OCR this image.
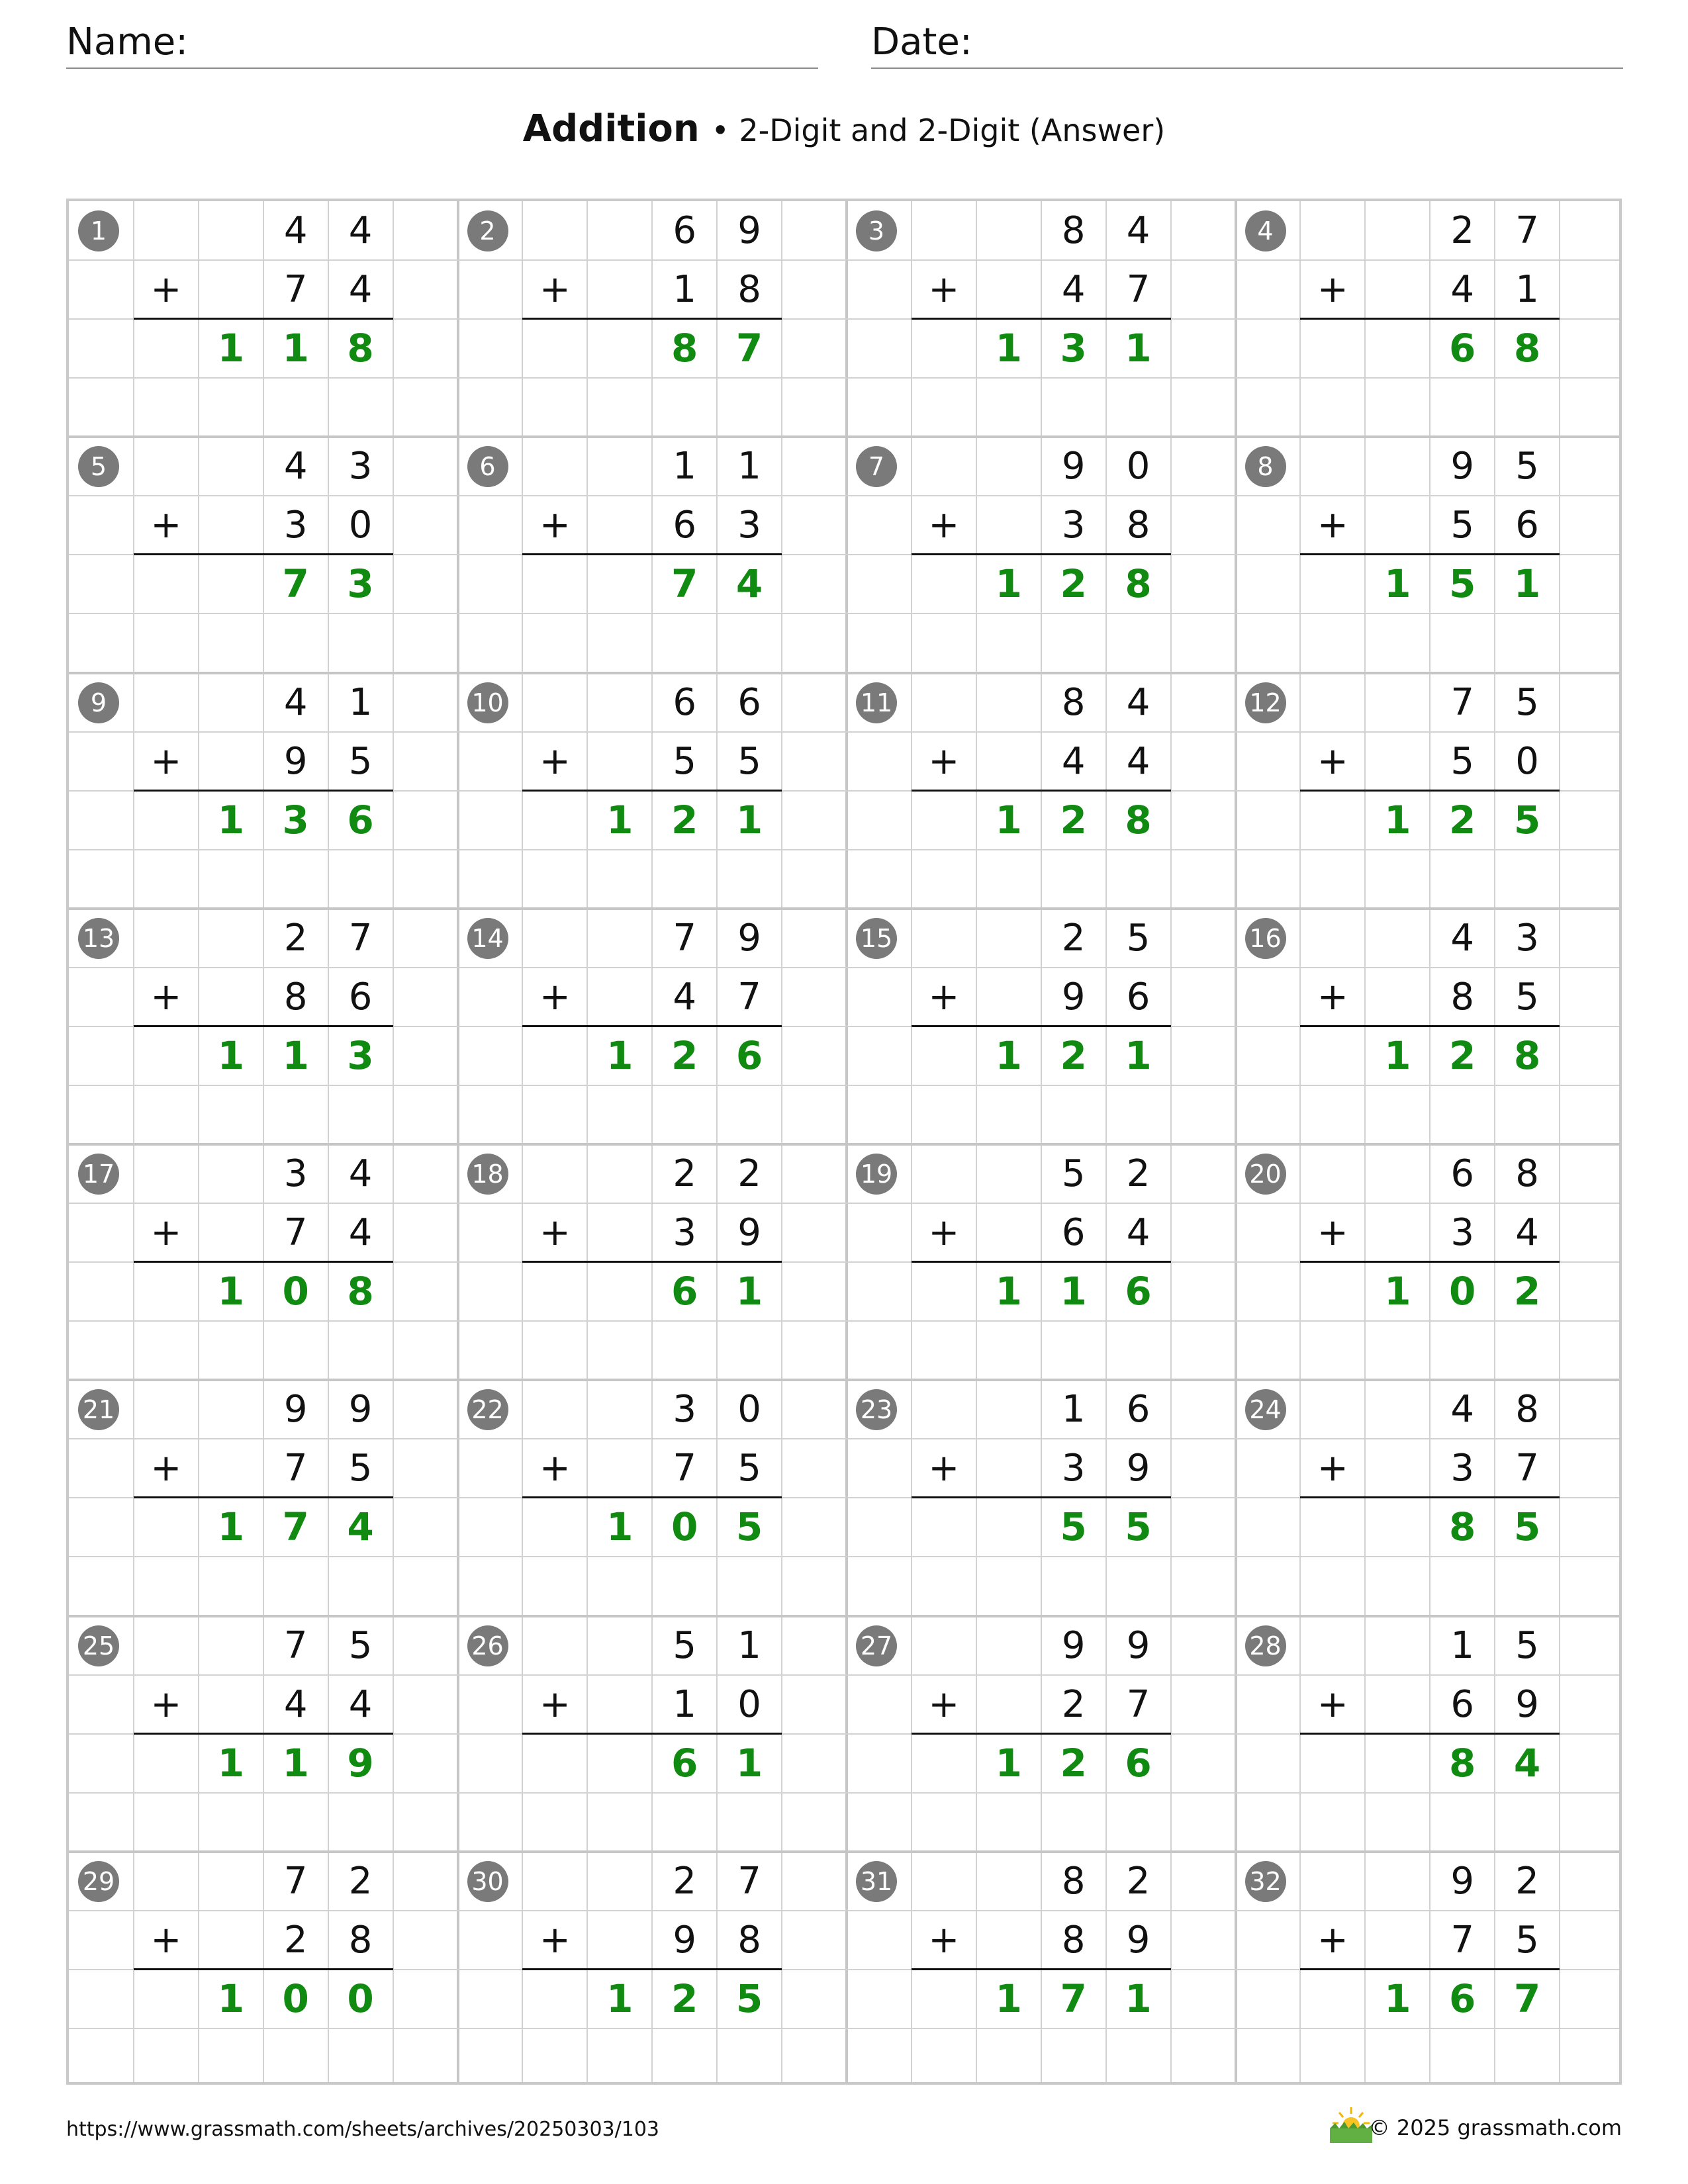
Name:	Date:
Addition • 2-Digit and 2-Digit (Answer)
1	4	4
+	7	4
1 1 8
2	6	9
+	1	8
8 7
3	8	4
+	4	7
1 3 1
4	2	7
+	4	1
6 8
5	4	3
+	3	0
7 3
6	1	1
+	6	3
7 4
7	9	0
+	3	8
1 2 8
8	9	5
+	5	6
1 5 1
9	4	1
+	9	5
1 3 6
10	6	6
+	5	5
1 2 1
11	8	4
+	4	4
1 2 8
12	7	5
+	5	0
1 2 5
13	2	7
+	8	6
1 1 3
14	7	9
+	4	7
1 2 6
15	2	5
+	9	6
1 2 1
16	4	3
+	8	5
1 2 8
17	3	4
+	7	4
1 0 8
18	2	2
+	3	9
6 1
19	5	2
+	6	4
1 1 6
20	6	8
+	3	4
1 0 2
21	9	9
+	7	5
1 7 4
22	3	0
+	7	5
1 0 5
23	1	6
+	3	9
5 5
24	4	8
+	3	7
8 5
25	7	5
+	4	4
1 1 9
26	5	1
+	1	0
6 1
27	9	9
+	2	7
1 2 6
28	1	5
+	6	9
8 4
29	7	2
+	2	8
1 0 0
30	2	7
+	9	8
1 2 5
31	8	2
+	8	9
1 7 1
32	9	2
+	7	5
1 6 7
https://www.grassmath.com/sheets/archives/20250303/103	© 2025 grassmath.com
